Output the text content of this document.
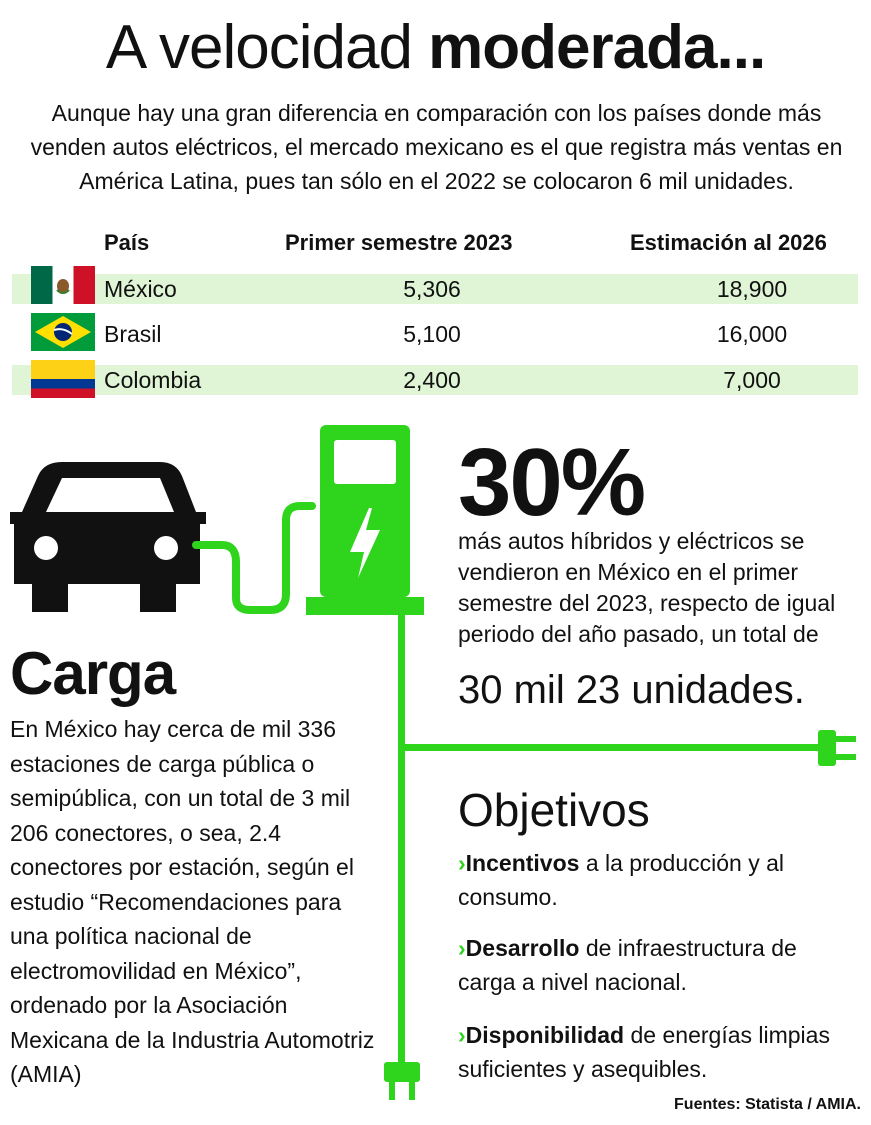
A velocidad moderada...

Aunque hay una gran diferencia en comparación con los países donde más venden autos eléctricos, el mercado mexicano es el que registra más ventas en América Latina, pues tan sólo en el 2022 se colocaron 6 mil unidades.

País	Primer semestre 2023	Estimación al 2026
México	5,306	18,900
Brasil	5,100	16,000
Colombia	2,400	7,000
30%

más autos híbridos y eléctricos se vendieron en México en el primer semestre del 2023, respecto de igual periodo del año pasado, un total de

30 mil 23 unidades.
Carga

En México hay cerca de mil 336 estaciones de carga pública o semipública, con un total de 3 mil 206 conectores, o sea, 2.4 conectores por estación, según el estudio “Recomendaciones para una política nacional de electromovilidad en México”, ordenado por la Asociación Mexicana de la Industria Automotriz (AMIA)

Objetivos

›Incentivos a la producción y al consumo.

›Desarrollo de infraestructura de carga a nivel nacional.

›Disponibilidad de energías limpias suficientes y asequibles.

Fuentes: Statista / AMIA.
